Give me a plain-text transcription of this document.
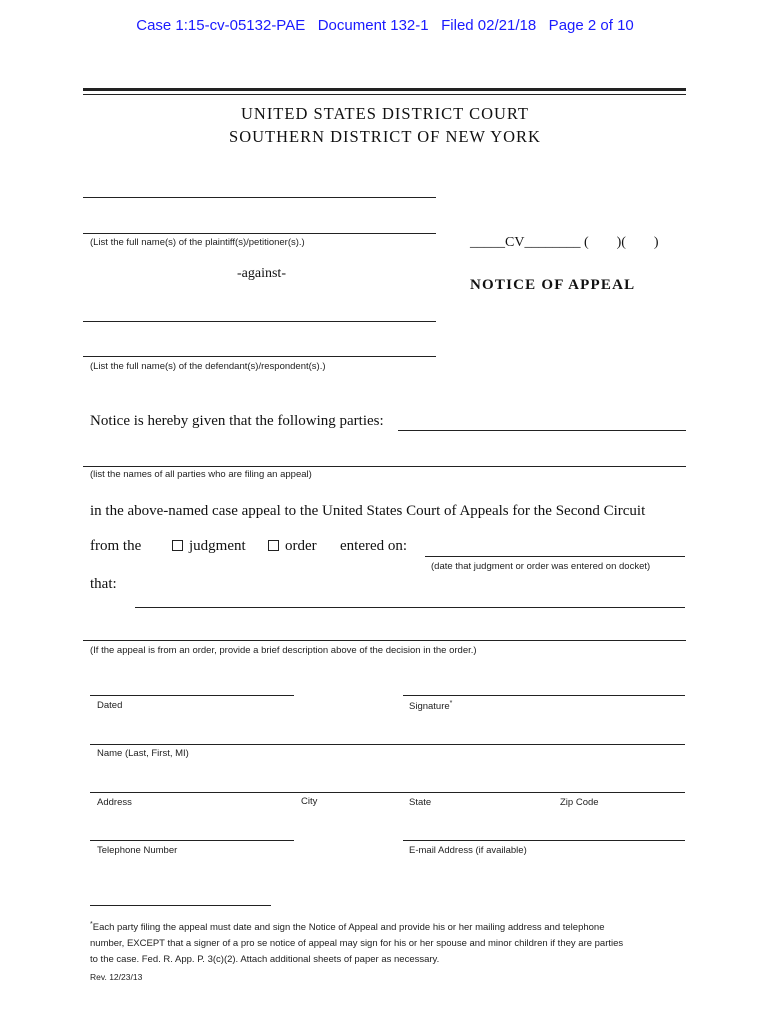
Case 1:15-cv-05132-PAE   Document 132-1   Filed 02/21/18   Page 2 of 10
UNITED STATES DISTRICT COURT
SOUTHERN DISTRICT OF NEW YORK
(List the full name(s) of the plaintiff(s)/petitioner(s).)	_____CV________ (        )(        )
-against-
NOTICE OF APPEAL
(List the full name(s) of the defendant(s)/respondent(s).)
Notice is hereby given that the following parties:
(list the names of all parties who are filing an appeal)
in the above-named case appeal to the United States Court of Appeals for the Second Circuit
from the	judgment	order entered on:
(date that judgment or order was entered on docket)
that:
(If the appeal is from an order, provide a brief description above of the decision in the order.)
Dated	Signature*
Name (Last, First, MI)
Address	City	State	Zip Code
Telephone Number	E-mail Address (if available)
*Each party filing the appeal must date and sign the Notice of Appeal and provide his or her mailing address and telephone
number, EXCEPT that a signer of a pro se notice of appeal may sign for his or her spouse and minor children if they are parties
to the case. Fed. R. App. P. 3(c)(2). Attach additional sheets of paper as necessary.
Rev. 12/23/13
